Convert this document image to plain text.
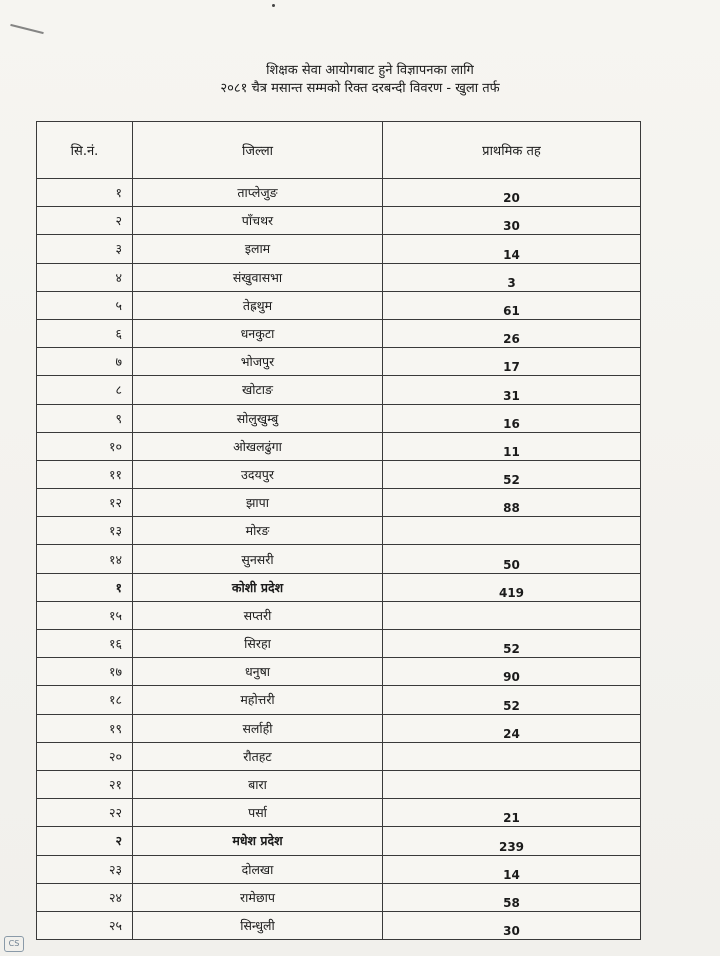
शिक्षक सेवा आयोगबाट हुने विज्ञापनका लागि
२०८१ चैत्र मसान्त सम्मको रिक्त दरबन्दी विवरण - खुला तर्फ
सि.नं.	जिल्ला	प्राथमिक तह
१	ताप्लेजुङ	20
२	पाँचथर	30
३	इलाम	14
४	संखुवासभा	3
५	तेह्रथुम	61
६	धनकुटा	26
७	भोजपुर	17
८	खोटाङ	31
९	सोलुखुम्बु	16
१०	ओखलढुंगा	11
११	उदयपुर	52
१२	झापा	88
१३	मोरङ	
१४	सुनसरी	50
१	कोशी प्रदेश	419
१५	सप्तरी	
१६	सिरहा	52
१७	धनुषा	90
१८	महोत्तरी	52
१९	सर्लाही	24
२०	रौतहट	
२१	बारा	
२२	पर्सा	21
२	मधेश प्रदेश	239
२३	दोलखा	14
२४	रामेछाप	58
२५	सिन्धुली	30
CS
